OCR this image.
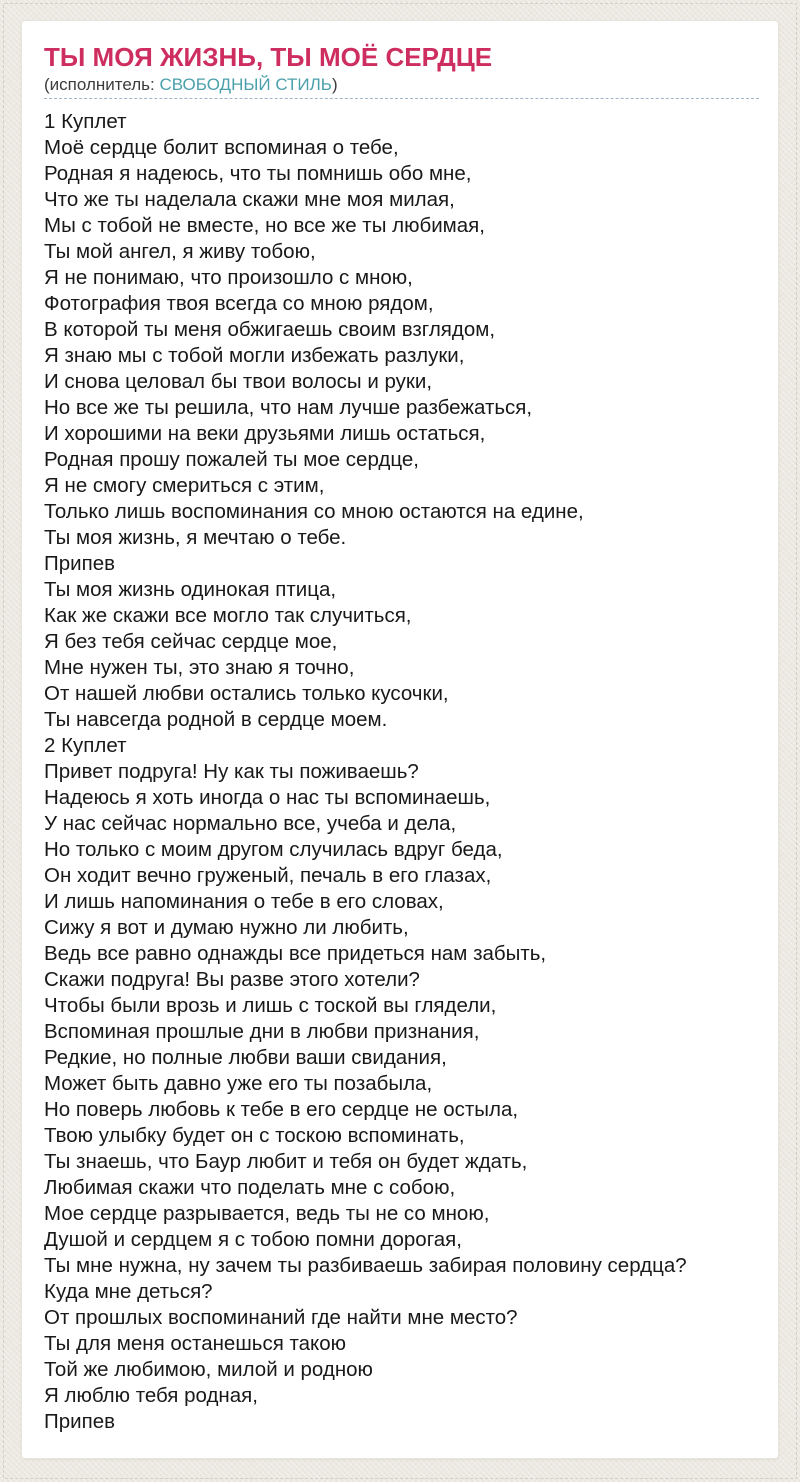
ТЫ МОЯ ЖИЗНЬ, ТЫ МОЁ СЕРДЦЕ
(исполнитель: СВОБОДНЫЙ СТИЛЬ)
1 Куплет
Моё сердце болит вспоминая о тебе,
Родная я надеюсь, что ты помнишь обо мне,
Что же ты наделала скажи мне моя милая,
Мы с тобой не вместе, но все же ты любимая,
Ты мой ангел, я живу тобою,
Я не понимаю, что произошло с мною,
Фотография твоя всегда со мною рядом,
В которой ты меня обжигаешь своим взглядом,
Я знаю мы с тобой могли избежать разлуки,
И снова целовал бы твои волосы и руки,
Но все же ты решила, что нам лучше разбежаться,
И хорошими на веки друзьями лишь остаться,
Родная прошу пожалей ты мое сердце,
Я не смогу смериться с этим,
Только лишь воспоминания со мною остаются на едине,
Ты моя жизнь, я мечтаю о тебе.
Припев
Ты моя жизнь одинокая птица,
Как же скажи все могло так случиться,
Я без тебя сейчас сердце мое,
Мне нужен ты, это знаю я точно,
От нашей любви остались только кусочки,
Ты навсегда родной в сердце моем.
2 Куплет
Привет подруга! Ну как ты поживаешь?
Надеюсь я хоть иногда о нас ты вспоминаешь,
У нас сейчас нормально все, учеба и дела,
Но только с моим другом случилась вдруг беда,
Он ходит вечно груженый, печаль в его глазах,
И лишь напоминания о тебе в его словах,
Сижу я вот и думаю нужно ли любить,
Ведь все равно однажды все придеться нам забыть,
Скажи подруга! Вы разве этого хотели?
Чтобы были врозь и лишь с тоской вы глядели,
Вспоминая прошлые дни в любви признания,
Редкие, но полные любви ваши свидания,
Может быть давно уже его ты позабыла,
Но поверь любовь к тебе в его сердце не остыла,
Твою улыбку будет он с тоскою вспоминать,
Ты знаешь, что Баур любит и тебя он будет ждать,
Любимая скажи что поделать мне с собою,
Мое сердце разрывается, ведь ты не со мною,
Душой и сердцем я с тобою помни дорогая,
Ты мне нужна, ну зачем ты разбиваешь забирая половину сердца?
Куда мне деться?
От прошлых воспоминаний где найти мне место?
Ты для меня останешься такою
Той же любимою, милой и родною
Я люблю тебя родная,
Припев
